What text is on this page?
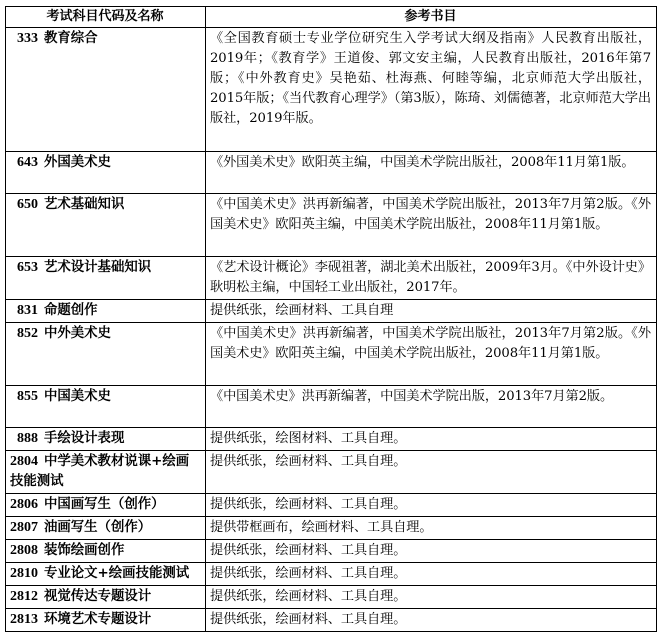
考试科目代码及名称	参考书目
333 教育综合	《全国教育硕士专业学位研究生入学考试大纲及指南》人民教育出版社，2019年；《教育学》王道俊、郭文安主编，人民教育出版社，2016年第7版；《中外教育史》吴艳茹、杜海燕、何睦等编，北京师范大学出版社，2015年版；《当代教育心理学》（第3版），陈琦、刘儒德著，北京师范大学出版社，2019年版。
643 外国美术史	《外国美术史》欧阳英主编，中国美术学院出版社，2008年11月第1版。
650 艺术基础知识	《中国美术史》洪再新编著，中国美术学院出版社，2013年7月第2版。《外国美术史》欧阳英主编，中国美术学院出版社，2008年11月第1版。
653 艺术设计基础知识	《艺术设计概论》李砚祖著，湖北美术出版社，2009年3月。《中外设计史》耿明松主编，中国轻工业出版社，2017年。
831 命题创作	提供纸张，绘画材料、工具自理
852 中外美术史	《中国美术史》洪再新编著，中国美术学院出版社，2013年7月第2版。《外国美术史》欧阳英主编，中国美术学院出版社，2008年11月第1版。
855 中国美术史	《中国美术史》洪再新编著，中国美术学院出版，2013年7月第2版。
888 手绘设计表现	提供纸张，绘图材料、工具自理。
2804 中学美术教材说课+绘画技能测试	提供纸张，绘画材料、工具自理。
2806 中国画写生（创作）	提供纸张，绘画材料、工具自理。
2807 油画写生（创作）	提供带框画布，绘画材料、工具自理。
2808 装饰绘画创作	提供纸张，绘画材料、工具自理。
2810 专业论文+绘画技能测试	提供纸张，绘画材料、工具自理。
2812 视觉传达专题设计	提供纸张，绘画材料、工具自理。
2813 环境艺术专题设计	提供纸张，绘画材料、工具自理。
